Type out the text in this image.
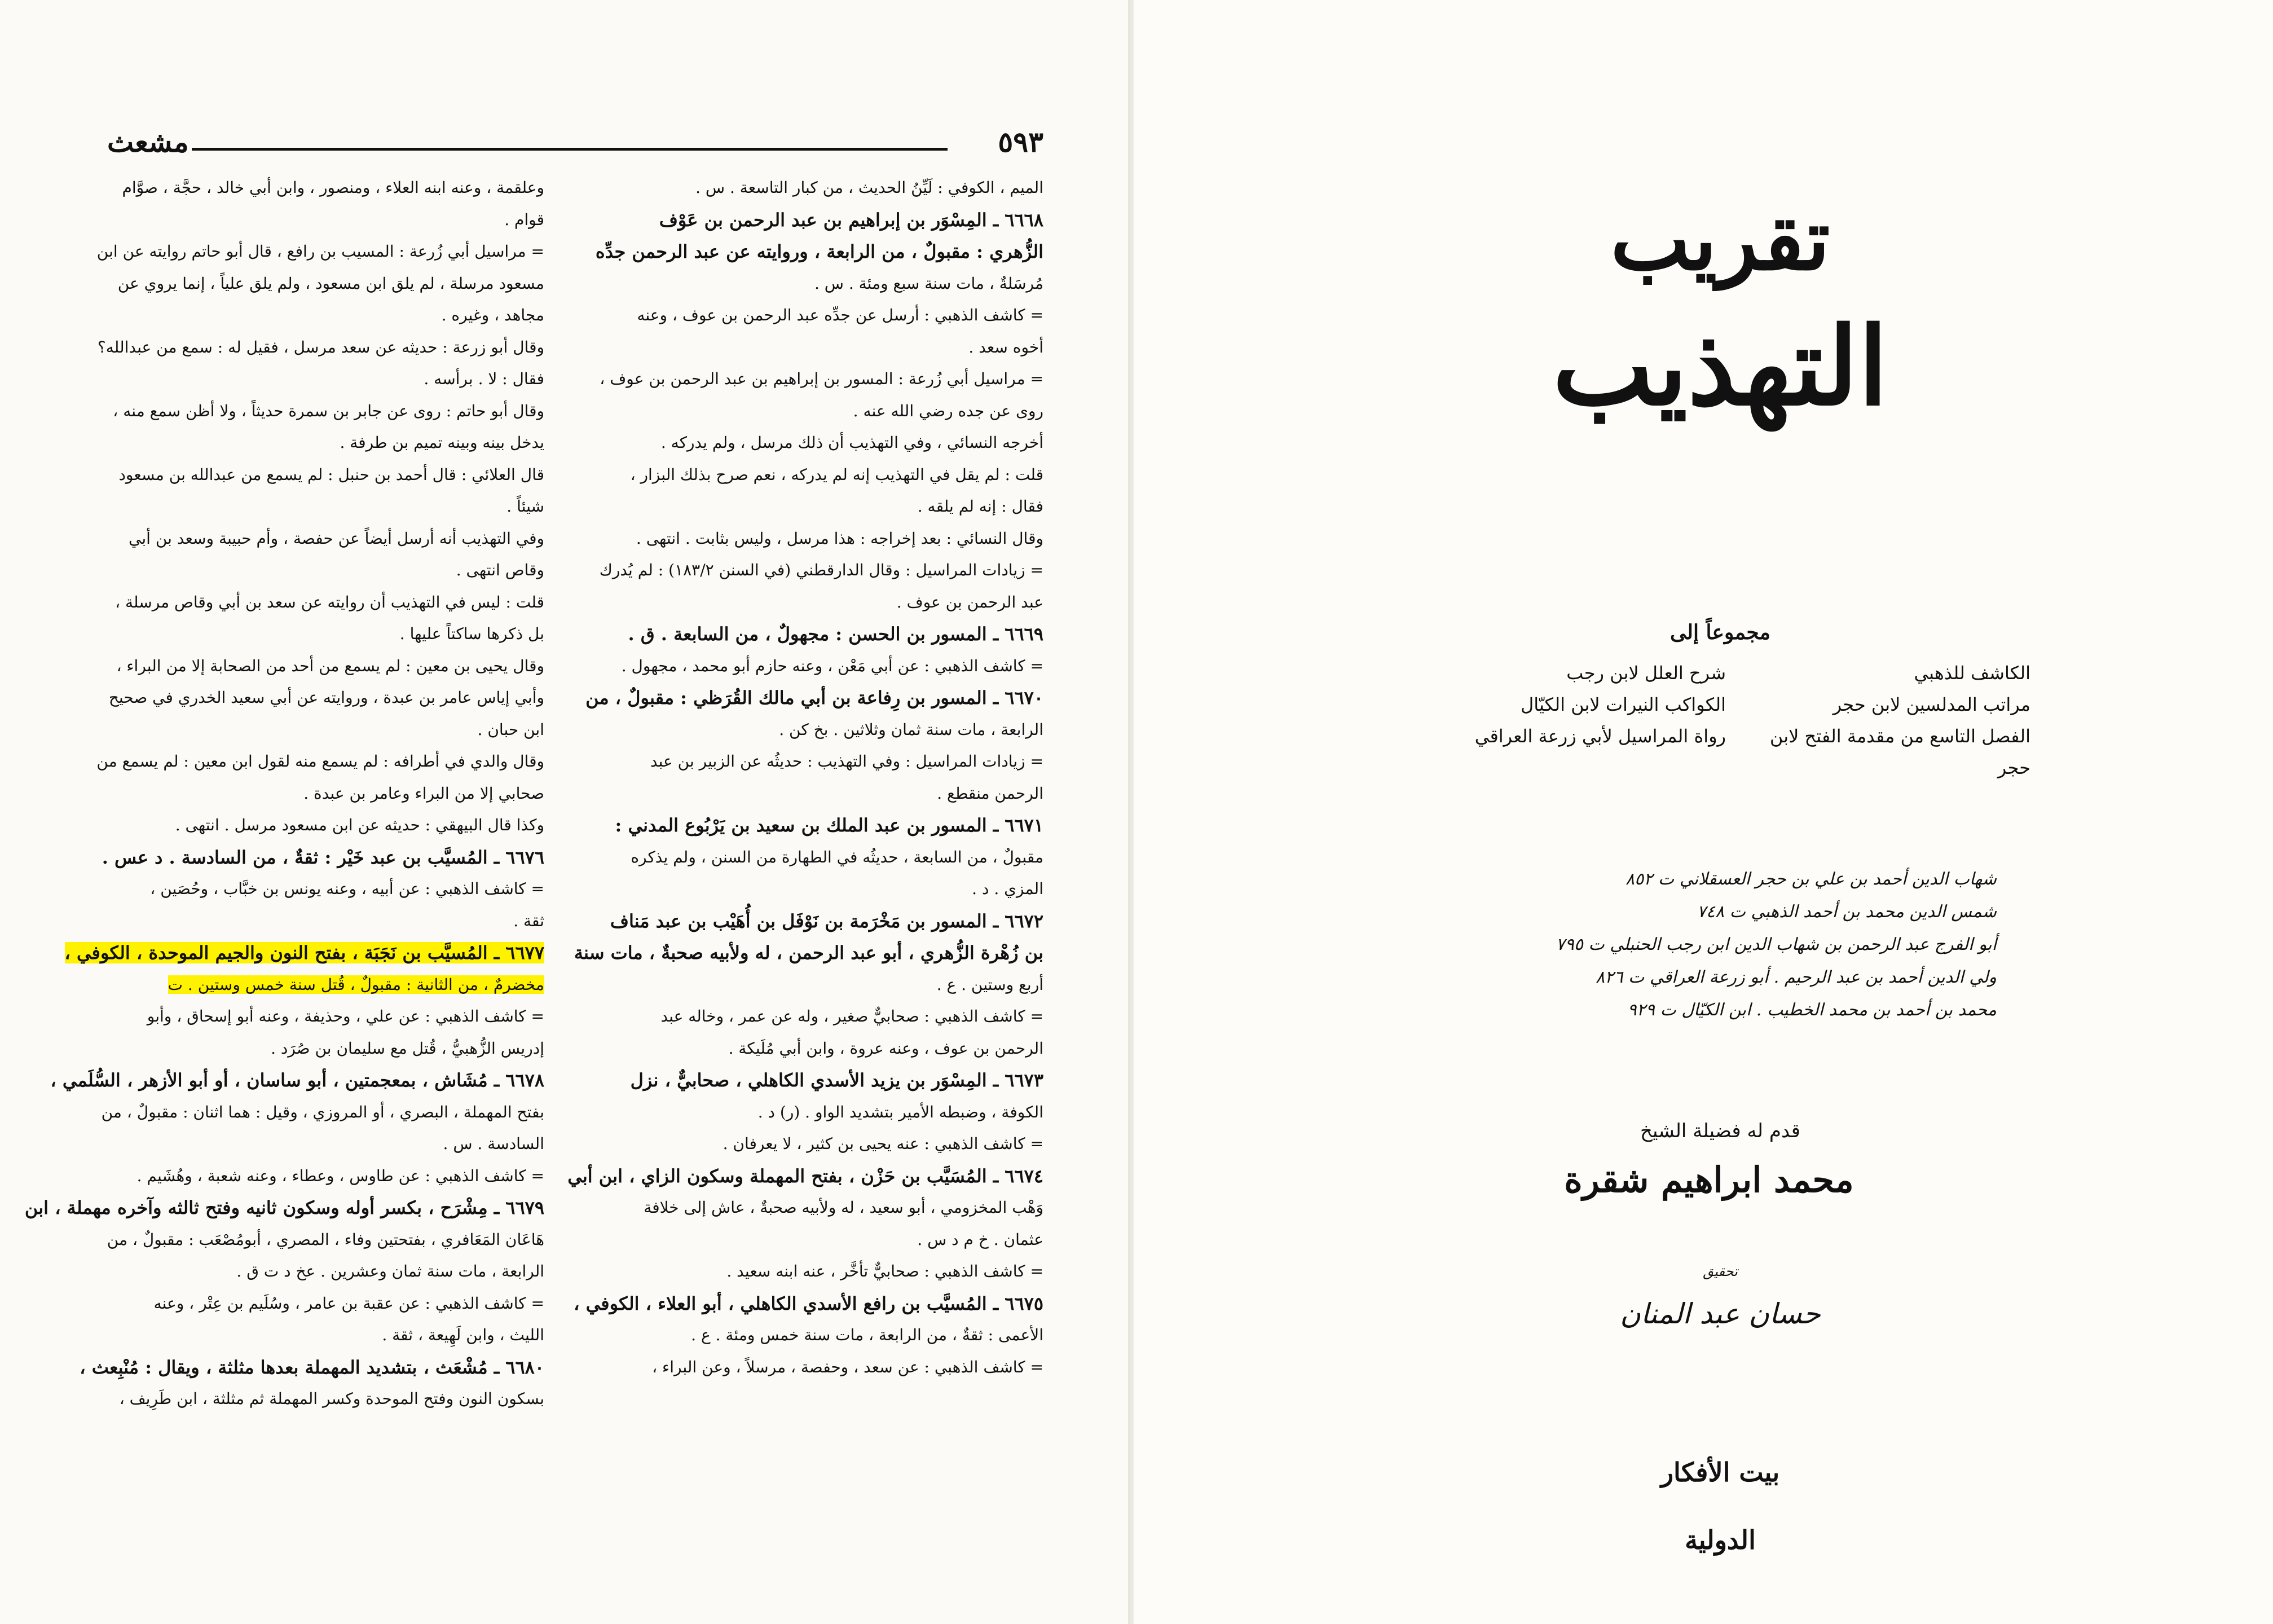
٥٩٣
مشعث
الميم ، الكوفي : لَيِّنُ الحديث ، من كبار التاسعة . س .
٦٦٦٨ ـ المِسْوَر بن إبراهيم بن عبد الرحمن بن عَوْف
الزُّهري : مقبولٌ ، من الرابعة ، وروايته عن عبد الرحمن جدِّه
مُرسَلةٌ ، مات سنة سبع ومئة . س .
= كاشف الذهبي : أرسل عن جدِّه عبد الرحمن بن عوف ، وعنه
أخوه سعد .
= مراسيل أبي زُرعة : المسور بن إبراهيم بن عبد الرحمن بن عوف ،
روى عن جده رضي الله عنه .
أخرجه النسائي ، وفي التهذيب أن ذلك مرسل ، ولم يدركه .
قلت : لم يقل في التهذيب إنه لم يدركه ، نعم صرح بذلك البزار ،
فقال : إنه لم يلقه .
وقال النسائي : بعد إخراجه : هذا مرسل ، وليس بثابت . انتهى .
= زيادات المراسيل : وقال الدارقطني (في السنن ١٨٣/٢) : لم يُدرك
عبد الرحمن بن عوف .
٦٦٦٩ ـ المسور بن الحسن : مجهولٌ ، من السابعة . ق .
= كاشف الذهبي : عن أبي مَعْن ، وعنه حازم أبو محمد ، مجهول .
٦٦٧٠ ـ المسور بن رِفاعة بن أبي مالك القُرَظي : مقبولٌ ، من
الرابعة ، مات سنة ثمان وثلاثين . بخ كن .
= زيادات المراسيل : وفي التهذيب : حديثُه عن الزبير بن عبد
الرحمن منقطع .
٦٦٧١ ـ المسور بن عبد الملك بن سعيد بن يَرْبُوع المدني :
مقبولٌ ، من السابعة ، حديثُه في الطهارة من السنن ، ولم يذكره
المزي . د .
٦٦٧٢ ـ المسور بن مَخْرَمة بن نَوْفَل بن أُهَيْب بن عبد مَناف
بن زُهْرة الزُّهري ، أبو عبد الرحمن ، له ولأبيه صحبةٌ ، مات سنة
أربع وستين . ع .
= كاشف الذهبي : صحابيٌّ صغير ، وله عن عمر ، وخاله عبد
الرحمن بن عوف ، وعنه عروة ، وابن أبي مُلَيكة .
٦٦٧٣ ـ المِسْوَر بن يزيد الأسدي الكاهلي ، صحابيٌّ ، نزل
الكوفة ، وضبطه الأمير بتشديد الواو . (ر) د .
= كاشف الذهبي : عنه يحيى بن كثير ، لا يعرفان .
٦٦٧٤ ـ المُسَيَّب بن حَزْن ، بفتح المهملة وسكون الزاي ، ابن أبي
وَهْب المخزومي ، أبو سعيد ، له ولأبيه صحبةٌ ، عاش إلى خلافة
عثمان . خ م د س .
= كاشف الذهبي : صحابيٌّ تأخَّر ، عنه ابنه سعيد .
٦٦٧٥ ـ المُسيَّب بن رافع الأسدي الكاهلي ، أبو العلاء ، الكوفي ،
الأعمى : ثقةٌ ، من الرابعة ، مات سنة خمس ومئة . ع .
= كاشف الذهبي : عن سعد ، وحفصة ، مرسلاً ، وعن البراء ،
وعلقمة ، وعنه ابنه العلاء ، ومنصور ، وابن أبي خالد ، حجَّة ، صوَّام
قوام .
= مراسيل أبي زُرعة : المسيب بن رافع ، قال أبو حاتم روايته عن ابن
مسعود مرسلة ، لم يلق ابن مسعود ، ولم يلق علياً ، إنما يروي عن
مجاهد ، وغيره .
وقال أبو زرعة : حديثه عن سعد مرسل ، فقيل له : سمع من عبدالله؟
فقال : لا . برأسه .
وقال أبو حاتم : روى عن جابر بن سمرة حديثاً ، ولا أظن سمع منه ،
يدخل بينه وبينه تميم بن طرفة .
قال العلائي : قال أحمد بن حنبل : لم يسمع من عبدالله بن مسعود
شيئاً .
وفي التهذيب أنه أرسل أيضاً عن حفصة ، وأم حبيبة وسعد بن أبي
وقاص انتهى .
قلت : ليس في التهذيب أن روايته عن سعد بن أبي وقاص مرسلة ،
بل ذكرها ساكتاً عليها .
وقال يحيى بن معين : لم يسمع من أحد من الصحابة إلا من البراء ،
وأبي إياس عامر بن عبدة ، وروايته عن أبي سعيد الخدري في صحيح
ابن حبان .
وقال والدي في أطرافه : لم يسمع منه لقول ابن معين : لم يسمع من
صحابي إلا من البراء وعامر بن عبدة .
وكذا قال البيهقي : حديثه عن ابن مسعود مرسل . انتهى .
٦٦٧٦ ـ المُسيَّب بن عبد خَيْر : ثقةٌ ، من السادسة . د عس .
= كاشف الذهبي : عن أبيه ، وعنه يونس بن خبَّاب ، وحُصَين ،
ثقة .
٦٦٧٧ ـ المُسيَّب بن نَجَبَة ، بفتح النون والجيم الموحدة ، الكوفي ،
مخضرمٌ ، من الثانية : مقبولٌ ، قُتل سنة خمس وستين . ت
= كاشف الذهبي : عن علي ، وحذيفة ، وعنه أبو إسحاق ، وأبو
إدريس الزُّهبيُّ ، قُتل مع سليمان بن صُرَد .
٦٦٧٨ ـ مُشَاش ، بمعجمتين ، أبو ساسان ، أو أبو الأزهر ، السُّلَمي ،
بفتح المهملة ، البصري ، أو المروزي ، وقيل : هما اثنان : مقبولٌ ، من
السادسة . س .
= كاشف الذهبي : عن طاوس ، وعطاء ، وعنه شعبة ، وهُشَيم .
٦٦٧٩ ـ مِشْرَح ، بكسر أوله وسكون ثانيه وفتح ثالثه وآخره مهملة ، ابن
هَاعَان المَعَافري ، بفتحتين وفاء ، المصري ، أبومُصْعَب : مقبولٌ ، من
الرابعة ، مات سنة ثمان وعشرين . عخ د ت ق .
= كاشف الذهبي : عن عقبة بن عامر ، وسُلَيم بن عِتْر ، وعنه
الليث ، وابن لَهِيعة ، ثقة .
٦٦٨٠ ـ مُشْعَث ، بتشديد المهملة بعدها مثلثة ، ويقال : مُنْبِعث ،
بسكون النون وفتح الموحدة وكسر المهملة ثم مثلثة ، ابن طَرِيف ،
تقريب
التهذيب
مجموعاً إلى
الكاشف للذهبي
مراتب المدلسين لابن حجر
الفصل التاسع من مقدمة الفتح لابن حجر
شرح العلل لابن رجب
الكواكب النيرات لابن الكيّال
رواة المراسيل لأبي زرعة العراقي
شهاب الدين أحمد بن علي بن حجر العسقلاني ت ٨٥٢
شمس الدين محمد بن أحمد الذهبي ت ٧٤٨
أبو الفرج عبد الرحمن بن شهاب الدين ابن رجب الحنبلي ت ٧٩٥
ولي الدين أحمد بن عبد الرحيم . أبو زرعة العراقي ت ٨٢٦
محمد بن أحمد بن محمد الخطيب . ابن الكيّال ت ٩٢٩
قدم له فضيلة الشيخ
محمد ابراهيم شقرة
تحقيق
حسان عبد المنان
بيت الأفكار الدولية
